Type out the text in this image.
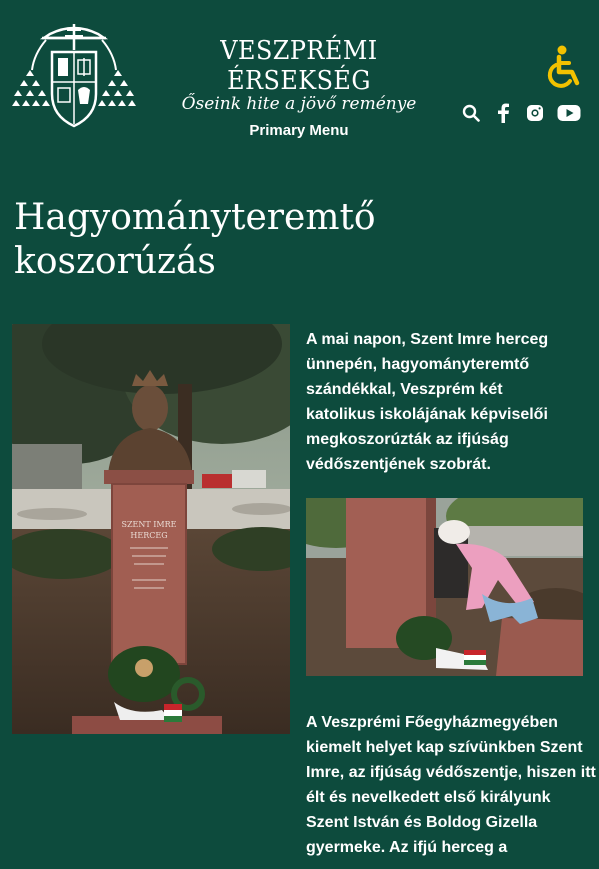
VESZPRÉMI ÉRSEKSÉG
Őseink hite a jövő reménye
Primary Menu
Hagyományteremtő
koszorúzás
SZENT IMRE
HERCEG

A mai napon, Szent Imre herceg ünnepén, hagyományteremtő szándékkal, Veszprém két katolikus iskolájának képviselői megkoszorúzták az ifjúság védőszentjének szobrát.

A Veszprémi Főegyházmegyében kiemelt helyet kap szívünkben Szent Imre, az ifjúság védőszentje, hiszen itt élt és nevelkedett első királyunk Szent István és Boldog Gizella gyermeke. Az ifjú herceg a
